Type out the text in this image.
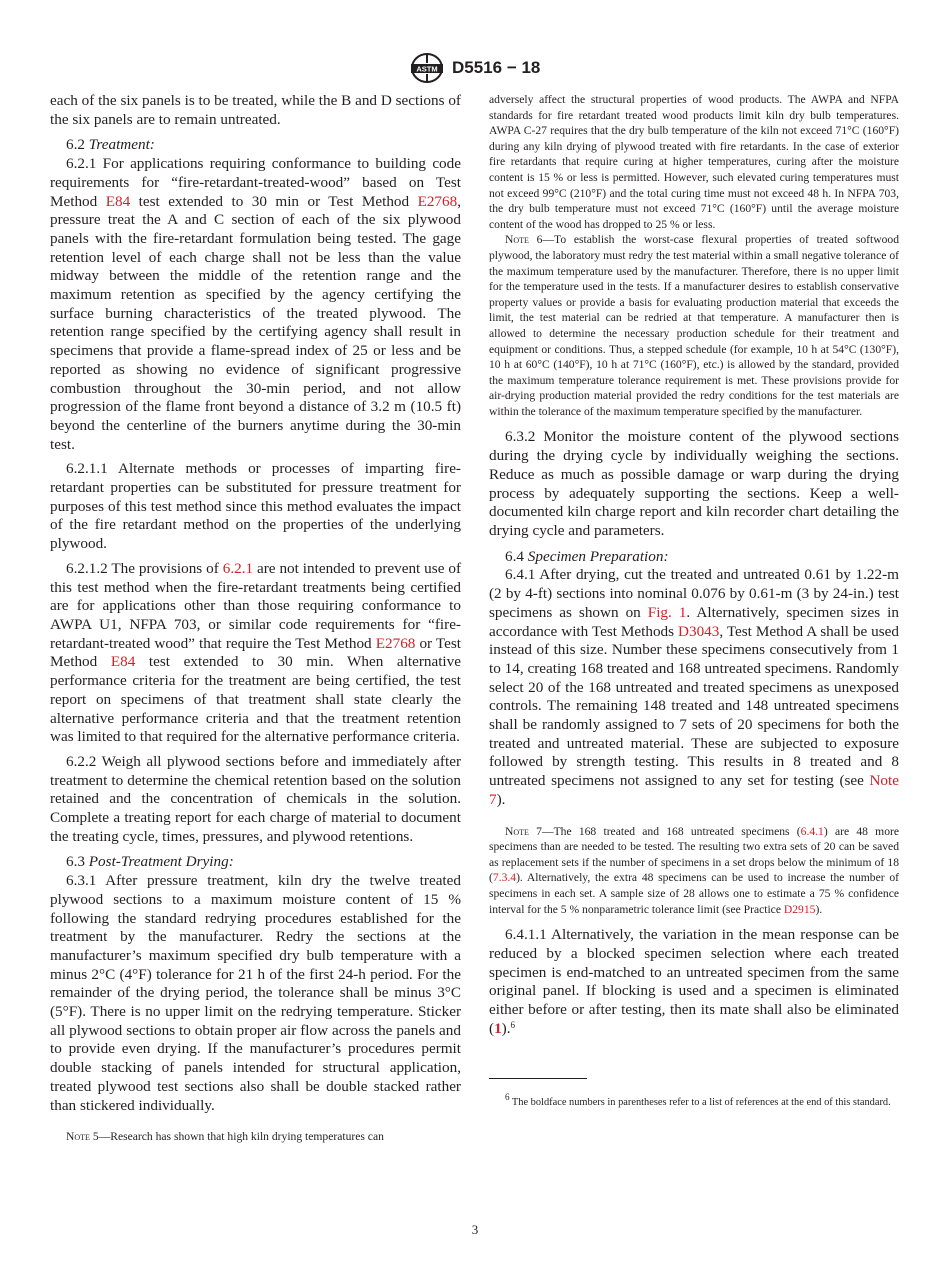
ASTM D5516 − 18

each of the six panels is to be treated, while the B and D sections of the six panels are to remain untreated.

6.2 Treatment:

6.2.1 For applications requiring conformance to building code requirements for “fire-retardant-treated-wood” based on Test Method E84 test extended to 30 min or Test Method E2768, pressure treat the A and C section of each of the six plywood panels with the fire-retardant formulation being tested. The gage retention level of each charge shall not be less than the value midway between the middle of the retention range and the maximum retention as specified by the agency certifying the surface burning characteristics of the treated plywood. The retention range specified by the certifying agency shall result in specimens that provide a flame-spread index of 25 or less and be reported as showing no evidence of significant progressive combustion throughout the 30-min period, and not allow progression of the flame front beyond a distance of 3.2 m (10.5 ft) beyond the centerline of the burners anytime during the 30-min test.

6.2.1.1 Alternate methods or processes of imparting fire-retardant properties can be substituted for pressure treatment for purposes of this test method since this method evaluates the impact of the fire retardant method on the properties of the underlying plywood.

6.2.1.2 The provisions of 6.2.1 are not intended to prevent use of this test method when the fire-retardant treatments being certified are for applications other than those requiring conformance to AWPA U1, NFPA 703, or similar code requirements for “fire-retardant-treated wood” that require the Test Method E2768 or Test Method E84 test extended to 30 min. When alternative performance criteria for the treatment are being certified, the test report on specimens of that treatment shall state clearly the alternative performance criteria and that the treatment retention was limited to that required for the alternative performance criteria.

6.2.2 Weigh all plywood sections before and immediately after treatment to determine the chemical retention based on the solution retained and the concentration of chemicals in the solution. Complete a treating report for each charge of material to document the treating cycle, times, pressures, and plywood retentions.

6.3 Post-Treatment Drying:

6.3.1 After pressure treatment, kiln dry the twelve treated plywood sections to a maximum moisture content of 15 % following the standard redrying procedures established for the treatment by the manufacturer. Redry the sections at the manufacturer’s maximum specified dry bulb temperature with a minus 2°C (4°F) tolerance for 21 h of the first 24-h period. For the remainder of the drying period, the tolerance shall be minus 3°C (5°F). There is no upper limit on the redrying temperature. Sticker all plywood sections to obtain proper air flow across the panels and to provide even drying. If the manufacturer’s procedures permit double stacking of panels intended for structural application, treated plywood test sections also shall be double stacked rather than stickered individually.

Note 5—Research has shown that high kiln drying temperatures can

adversely affect the structural properties of wood products. The AWPA and NFPA standards for fire retardant treated wood products limit kiln dry bulb temperatures. AWPA C-27 requires that the dry bulb temperature of the kiln not exceed 71°C (160°F) during any kiln drying of plywood treated with fire retardants. In the case of exterior fire retardants that require curing at higher temperatures, curing after the moisture content is 15 % or less is permitted. However, such elevated curing temperatures must not exceed 99°C (210°F) and the total curing time must not exceed 48 h. In NFPA 703, the dry bulb temperature must not exceed 71°C (160°F) until the average moisture content of the wood has dropped to 25 % or less.

Note 6—To establish the worst-case flexural properties of treated softwood plywood, the laboratory must redry the test material within a small negative tolerance of the maximum temperature used by the manufacturer. Therefore, there is no upper limit for the temperature used in the tests. If a manufacturer desires to establish conservative property values or provide a basis for evaluating production material that exceeds the limit, the test material can be redried at that temperature. A manufacturer then is allowed to determine the necessary production schedule for their treatment and equipment or conditions. Thus, a stepped schedule (for example, 10 h at 54°C (130°F), 10 h at 60°C (140°F), 10 h at 71°C (160°F), etc.) is allowed by the standard, provided the maximum temperature tolerance requirement is met. These provisions provide for air-drying production material provided the redry conditions for the test materials are within the tolerance of the maximum temperature specified by the manufacturer.

6.3.2 Monitor the moisture content of the plywood sections during the drying cycle by individually weighing the sections. Reduce as much as possible damage or warp during the drying process by adequately supporting the sections. Keep a well-documented kiln charge report and kiln recorder chart detailing the drying cycle and parameters.

6.4 Specimen Preparation:

6.4.1 After drying, cut the treated and untreated 0.61 by 1.22-m (2 by 4-ft) sections into nominal 0.076 by 0.61-m (3 by 24-in.) test specimens as shown on Fig. 1. Alternatively, specimen sizes in accordance with Test Methods D3043, Test Method A shall be used instead of this size. Number these specimens consecutively from 1 to 14, creating 168 treated and 168 untreated specimens. Randomly select 20 of the 168 untreated and treated specimens as unexposed controls. The remaining 148 treated and 148 untreated specimens shall be randomly assigned to 7 sets of 20 specimens for both the treated and untreated material. These are subjected to exposure followed by strength testing. This results in 8 treated and 8 untreated specimens not assigned to any set for testing (see Note 7).

Note 7—The 168 treated and 168 untreated specimens (6.4.1) are 48 more specimens than are needed to be tested. The resulting two extra sets of 20 can be saved as replacement sets if the number of specimens in a set drops below the minimum of 18 (7.3.4). Alternatively, the extra 48 specimens can be used to increase the number of specimens in each set. A sample size of 28 allows one to estimate a 75 % confidence interval for the 5 % nonparametric tolerance limit (see Practice D2915).

6.4.1.1 Alternatively, the variation in the mean response can be reduced by a blocked specimen selection where each treated specimen is end-matched to an untreated specimen from the same original panel. If blocking is used and a specimen is eliminated either before or after testing, then its mate shall also be eliminated (1).$^6$

$^6$ The boldface numbers in parentheses refer to a list of references at the end of this standard.

3
